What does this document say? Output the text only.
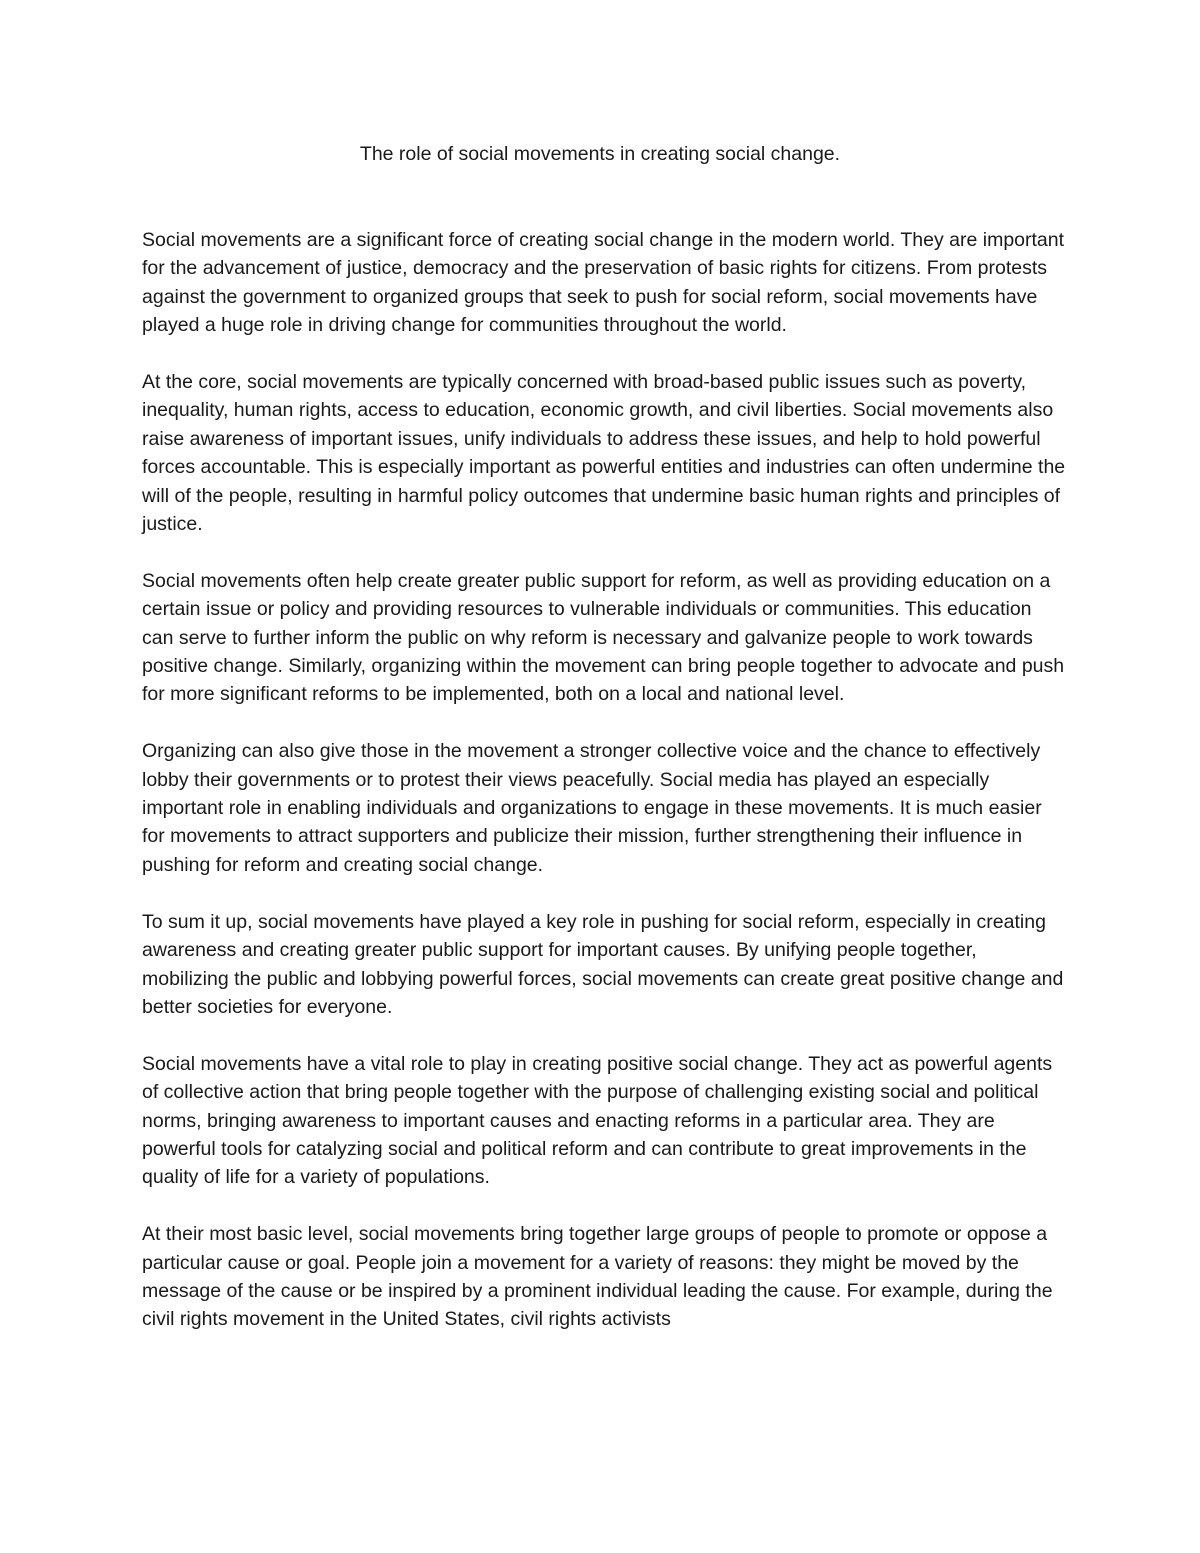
The role of social movements in creating social change.

Social movements are a significant force of creating social change in the modern world. They are important for the advancement of justice, democracy and the preservation of basic rights for citizens. From protests against the government to organized groups that seek to push for social reform, social movements have played a huge role in driving change for communities throughout the world.

At the core, social movements are typically concerned with broad-based public issues such as poverty, inequality, human rights, access to education, economic growth, and civil liberties. Social movements also raise awareness of important issues, unify individuals to address these issues, and help to hold powerful forces accountable. This is especially important as powerful entities and industries can often undermine the will of the people, resulting in harmful policy outcomes that undermine basic human rights and principles of justice.

Social movements often help create greater public support for reform, as well as providing education on a certain issue or policy and providing resources to vulnerable individuals or communities. This education can serve to further inform the public on why reform is necessary and galvanize people to work towards positive change. Similarly, organizing within the movement can bring people together to advocate and push for more significant reforms to be implemented, both on a local and national level.

Organizing can also give those in the movement a stronger collective voice and the chance to effectively lobby their governments or to protest their views peacefully. Social media has played an especially important role in enabling individuals and organizations to engage in these movements. It is much easier for movements to attract supporters and publicize their mission, further strengthening their influence in pushing for reform and creating social change.

To sum it up, social movements have played a key role in pushing for social reform, especially in creating awareness and creating greater public support for important causes. By unifying people together, mobilizing the public and lobbying powerful forces, social movements can create great positive change and better societies for everyone.

Social movements have a vital role to play in creating positive social change. They act as powerful agents of collective action that bring people together with the purpose of challenging existing social and political norms, bringing awareness to important causes and enacting reforms in a particular area. They are powerful tools for catalyzing social and political reform and can contribute to great improvements in the quality of life for a variety of populations.

At their most basic level, social movements bring together large groups of people to promote or oppose a particular cause or goal. People join a movement for a variety of reasons: they might be moved by the message of the cause or be inspired by a prominent individual leading the cause. For example, during the civil rights movement in the United States, civil rights activists
